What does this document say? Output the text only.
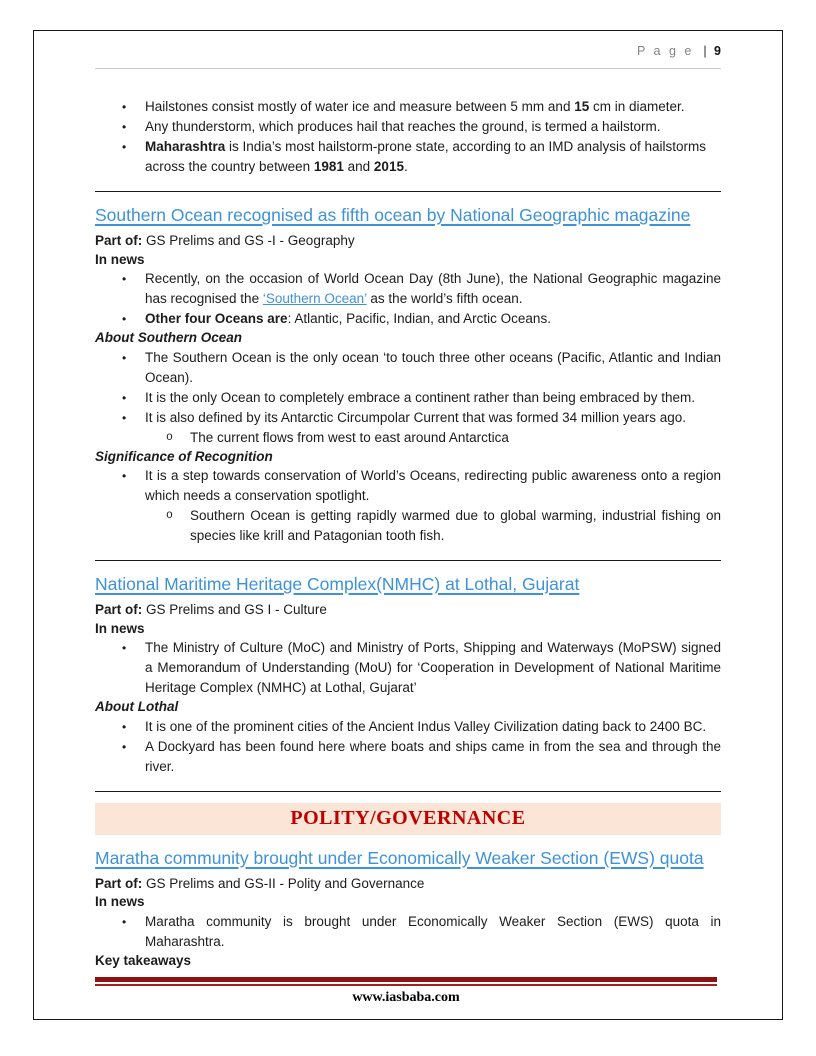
P a g e | 9
•	Hailstones consist mostly of water ice and measure between 5 mm and 15 cm in diameter.
•	Any thunderstorm, which produces hail that reaches the ground, is termed a hailstorm.
•	Maharashtra is India’s most hailstorm-prone state, according to an IMD analysis of hailstorms across the country between 1981 and 2015.
Southern Ocean recognised as fifth ocean by National Geographic magazine
Part of: GS Prelims and GS -I - Geography
In news
•	Recently, on the occasion of World Ocean Day (8th June), the National Geographic magazine has recognised the ‘Southern Ocean’ as the world’s fifth ocean.
•	Other four Oceans are: Atlantic, Pacific, Indian, and Arctic Oceans.
About Southern Ocean
•	The Southern Ocean is the only ocean ‘to touch three other oceans (Pacific, Atlantic and Indian Ocean).
•	It is the only Ocean to completely embrace a continent rather than being embraced by them.
•	It is also defined by its Antarctic Circumpolar Current that was formed 34 million years ago.
o	The current flows from west to east around Antarctica
Significance of Recognition
•	It is a step towards conservation of World’s Oceans, redirecting public awareness onto a region which needs a conservation spotlight.
o	Southern Ocean is getting rapidly warmed due to global warming, industrial fishing on species like krill and Patagonian tooth fish.
National Maritime Heritage Complex(NMHC) at Lothal, Gujarat
Part of: GS Prelims and GS I - Culture
In news
•	The Ministry of Culture (MoC) and Ministry of Ports, Shipping and Waterways (MoPSW) signed a Memorandum of Understanding (MoU) for ‘Cooperation in Development of National Maritime Heritage Complex (NMHC) at Lothal, Gujarat’
About Lothal
•	It is one of the prominent cities of the Ancient Indus Valley Civilization dating back to 2400 BC.
•	A Dockyard has been found here where boats and ships came in from the sea and through the river.
POLITY/GOVERNANCE
Maratha community brought under Economically Weaker Section (EWS) quota
Part of: GS Prelims and GS-II - Polity and Governance
In news
•	Maratha community is brought under Economically Weaker Section (EWS) quota in Maharashtra.
Key takeaways
www.iasbaba.com
